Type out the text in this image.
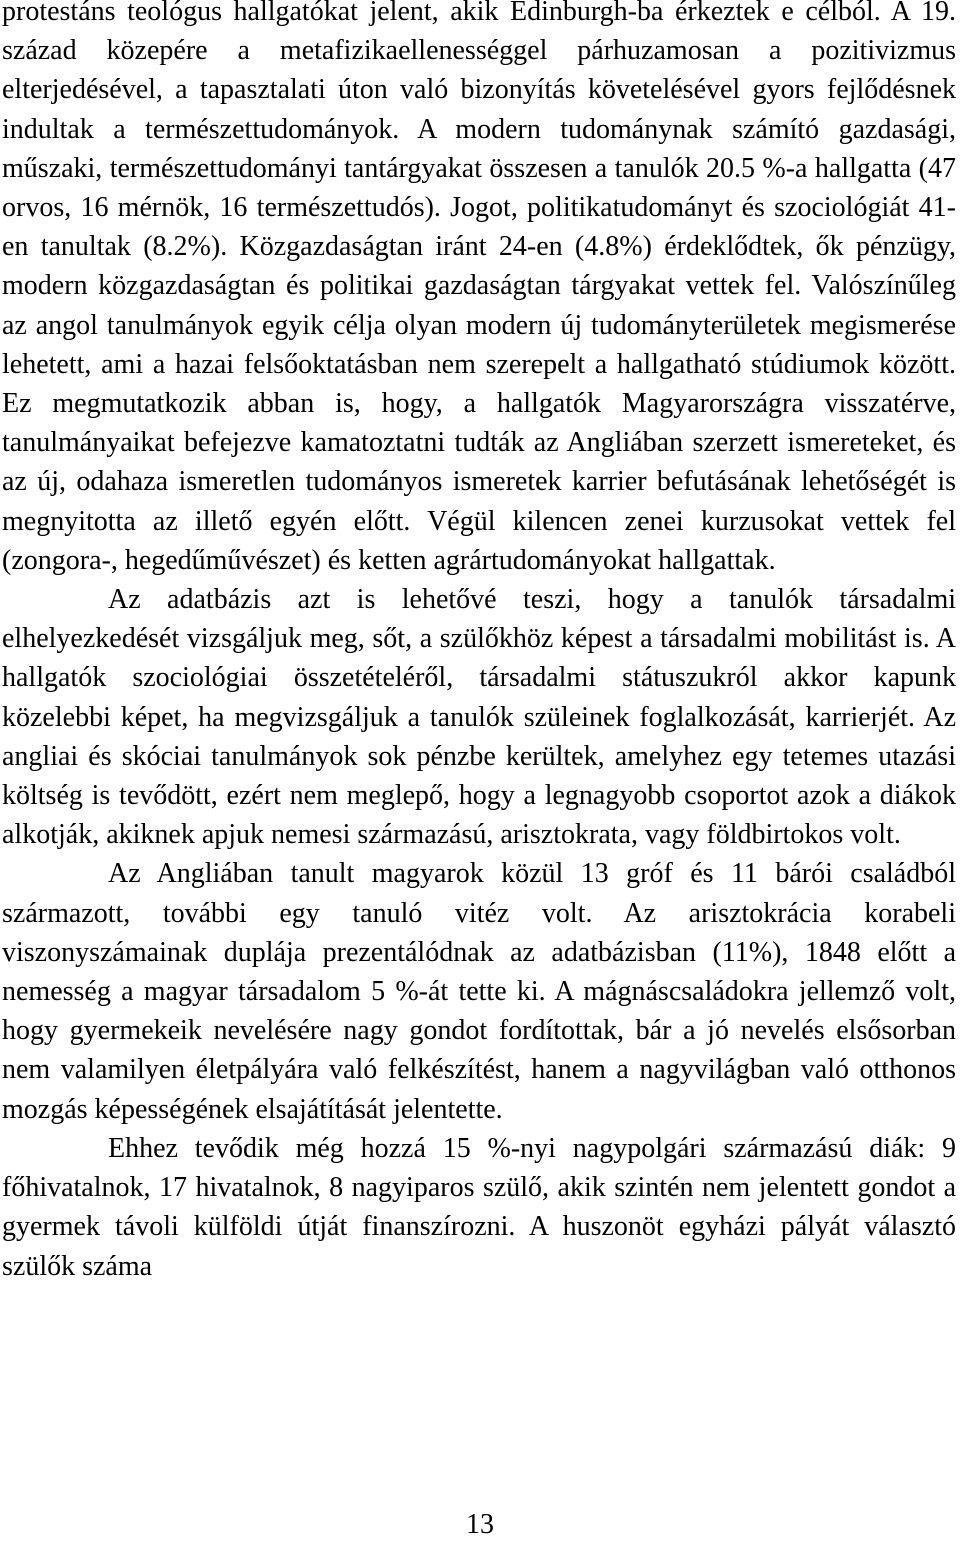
protestáns teológus hallgatókat jelent, akik Edinburgh-ba érkeztek e célból. A 19. század közepére a metafizikaellenességgel párhuzamosan a pozitivizmus elterjedésével, a tapasztalati úton való bizonyítás követelésével gyors fejlődésnek indultak a természettudományok. A modern tudománynak számító gazdasági, műszaki, természettudományi tantárgyakat összesen a tanulók 20.5 %-a hallgatta (47 orvos, 16 mérnök, 16 természettudós). Jogot, politikatudományt és szociológiát 41-en tanultak (8.2%). Közgazdaságtan iránt 24-en (4.8%) érdeklődtek, ők pénzügy, modern közgazdaságtan és politikai gazdaságtan tárgyakat vettek fel. Valószínűleg az angol tanulmányok egyik célja olyan modern új tudományterületek megismerése lehetett, ami a hazai felsőoktatásban nem szerepelt a hallgatható stúdiumok között. Ez megmutatkozik abban is, hogy, a hallgatók Magyarországra visszatérve, tanulmányaikat befejezve kamatoztatni tudták az Angliában szerzett ismereteket, és az új, odahaza ismeretlen tudományos ismeretek karrier befutásának lehetőségét is megnyitotta az illető egyén előtt. Végül kilencen zenei kurzusokat vettek fel (zongora-, hegedűművészet) és ketten agrártudományokat hallgattak.

Az adatbázis azt is lehetővé teszi, hogy a tanulók társadalmi elhelyezkedését vizsgáljuk meg, sőt, a szülőkhöz képest a társadalmi mobilitást is. A hallgatók szociológiai összetételéről, társadalmi státuszukról akkor kapunk közelebbi képet, ha megvizsgáljuk a tanulók szüleinek foglalkozását, karrierjét. Az angliai és skóciai tanulmányok sok pénzbe kerültek, amelyhez egy tetemes utazási költség is tevődött, ezért nem meglepő, hogy a legnagyobb csoportot azok a diákok alkotják, akiknek apjuk nemesi származású, arisztokrata, vagy földbirtokos volt.

Az Angliában tanult magyarok közül 13 gróf és 11 bárói családból származott, további egy tanuló vitéz volt. Az arisztokrácia korabeli viszonyszámainak duplája prezentálódnak az adatbázisban (11%), 1848 előtt a nemesség a magyar társadalom 5 %-át tette ki. A mágnáscsaládokra jellemző volt, hogy gyermekeik nevelésére nagy gondot fordítottak, bár a jó nevelés elsősorban nem valamilyen életpályára való felkészítést, hanem a nagyvilágban való otthonos mozgás képességének elsajátítását jelentette.

Ehhez tevődik még hozzá 15 %-nyi nagypolgári származású diák: 9 főhivatalnok, 17 hivatalnok, 8 nagyiparos szülő, akik szintén nem jelentett gondot a gyermek távoli külföldi útját finanszírozni. A huszonöt egyházi pályát választó szülők száma

13
